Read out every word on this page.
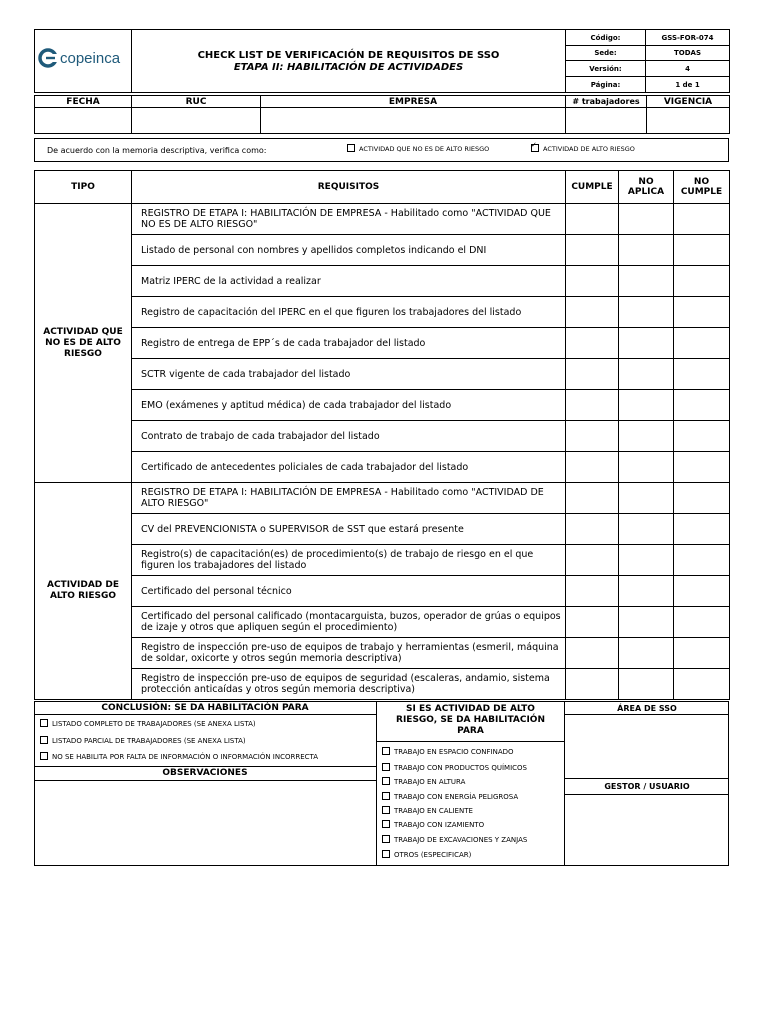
copeinca	CHECK LIST DE VERIFICACIÓN DE REQUISITOS DE SSO
ETAPA II: HABILITACIÓN DE ACTIVIDADES	Código:	GSS-FOR-074
		Sede:	TODAS
		Versión:	4
		Página:	1 de 1
FECHA	RUC	EMPRESA	# trabajadores	VIGENCIA

De acuerdo con la memoria descriptiva, verifica como:	ACTIVIDAD QUE NO ES DE ALTO RIESGO ✓	ACTIVIDAD DE ALTO RIESGO
TIPO	REQUISITOS	CUMPLE	NO APLICA	NO CUMPLE
ACTIVIDAD QUE NO ES DE ALTO RIESGO	REGISTRO DE ETAPA I: HABILITACIÓN DE EMPRESA - Habilitado como "ACTIVIDAD QUE NO ES DE ALTO RIESGO"			
	Listado de personal con nombres y apellidos completos indicando el DNI			
	Matriz IPERC de la actividad a realizar			
	Registro de capacitación del IPERC en el que figuren los trabajadores del listado			
	Registro de entrega de EPP´s de cada trabajador del listado			
	SCTR vigente de cada trabajador del listado			
	EMO (exámenes y aptitud médica) de cada trabajador del listado			
	Contrato de trabajo de cada trabajador del listado			
	Certificado de antecedentes policiales de cada trabajador del listado			
ACTIVIDAD DE ALTO RIESGO	REGISTRO DE ETAPA I: HABILITACIÓN DE EMPRESA - Habilitado como "ACTIVIDAD DE ALTO RIESGO"			
	CV del PREVENCIONISTA o SUPERVISOR de SST que estará presente			
	Registro(s) de capacitación(es) de procedimiento(s) de trabajo de riesgo en el que figuren los trabajadores del listado			
	Certificado del personal técnico			
	Certificado del personal calificado (montacarguista, buzos, operador de grúas o equipos de izaje y otros que apliquen según el procedimiento)			
	Registro de inspección pre-uso de equipos de trabajo y herramientas (esmeril, máquina de soldar, oxicorte y otros según memoria descriptiva)			
	Registro de inspección pre-uso de equipos de seguridad (escaleras, andamio, sistema protección anticaídas y otros según memoria descriptiva)			
CONCLUSIÓN: SE DA HABILITACIÓN PARA
LISTADO COMPLETO DE TRABAJADORES (SE ANEXA LISTA)
LISTADO PARCIAL DE TRABAJADORES (SE ANEXA LISTA)
NO SE HABILITA POR FALTA DE INFORMACIÓN O INFORMACIÓN INCORRECTA
OBSERVACIONES
SI ES ACTIVIDAD DE ALTO RIESGO, SE DA HABILITACIÓN PARA
TRABAJO EN ESPACIO CONFINADO
TRABAJO CON PRODUCTOS QUÍMICOS
TRABAJO EN ALTURA
TRABAJO CON ENERGÍA PELIGROSA
TRABAJO EN CALIENTE
TRABAJO CON IZAMIENTO
TRABAJO DE EXCAVACIONES Y ZANJAS
OTROS (ESPECIFICAR)
ÁREA DE SSO
GESTOR / USUARIO
